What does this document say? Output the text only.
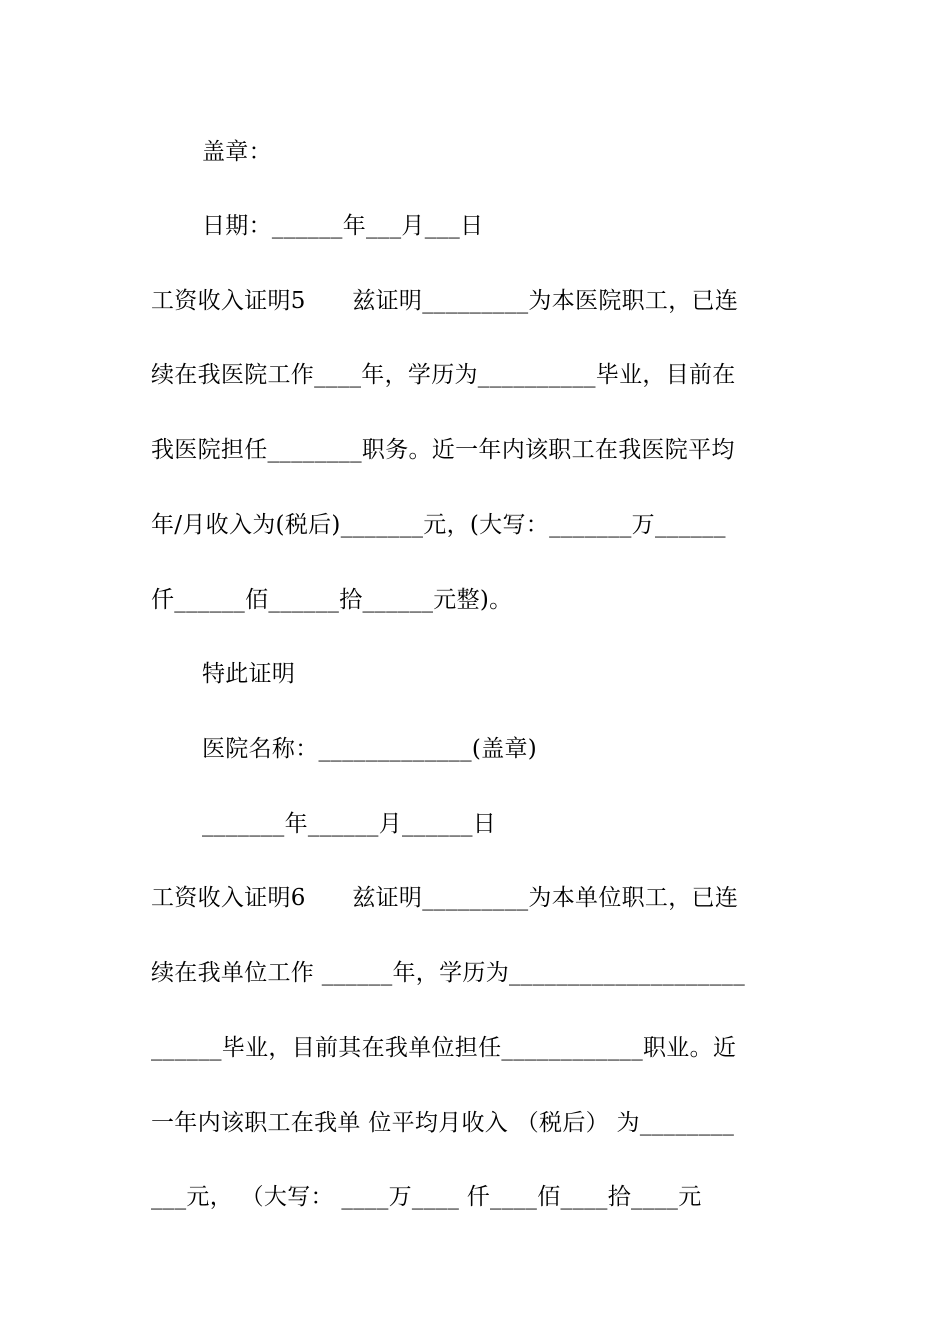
盖章：
日期：______年___月___日
工资收入证明5　　兹证明_________为本医院职工，已连
续在我医院工作____年，学历为__________毕业，目前在
我医院担任________职务。近一年内该职工在我医院平均
年/月收入为(税后)_______元，(大写：_______万______
仟______佰______拾______元整)。
特此证明
医院名称：_____________(盖章)
_______年______月______日
工资收入证明6　　兹证明_________为本单位职工，已连
续在我单位工作 ______年，学历为____________________
______毕业，目前其在我单位担任____________职业。近
一年内该职工在我单 位平均月收入 （税后） 为________
___元， （大写： ____万____ 仟____佰____拾____元
